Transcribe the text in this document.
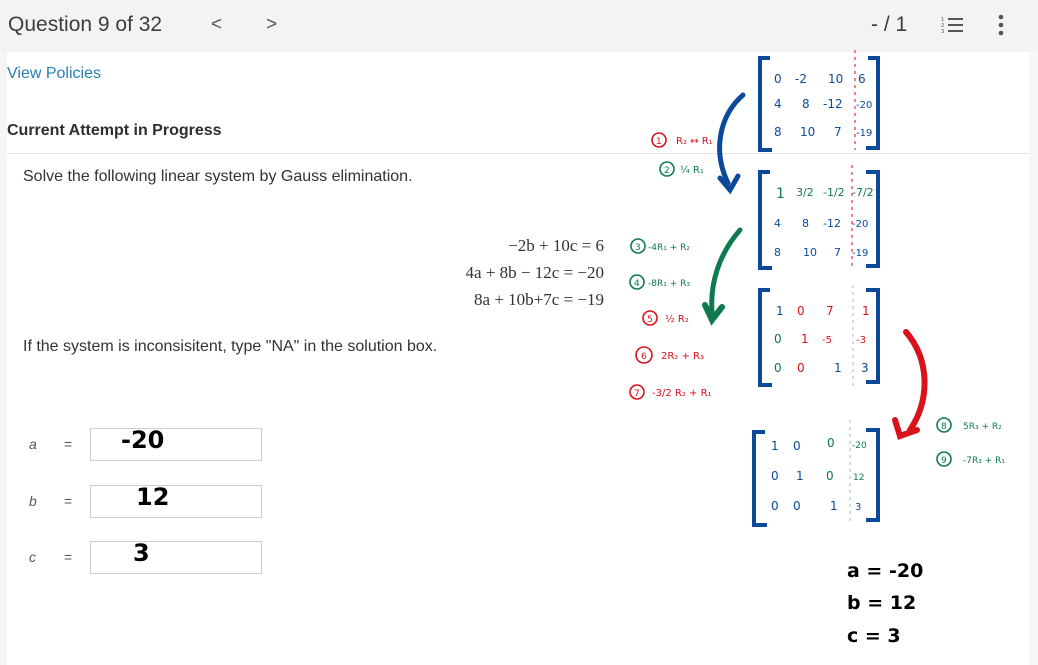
Question 9 of 32	< >	- / 1	1
2
3
View Policies
Current Attempt in Progress
Solve the following linear system by Gauss elimination.
−2b + 10c = 6
4a + 8b − 12c = −20
8a + 10b+7c = −19
If the system is inconsisitent, type "NA" in the solution box.
a = -20
b =	12
c =	3
0 -2 10 6
4 8 -12 -20
8 10 7 -19
1 3/2 -1/2 -7/2
4 8 -12 -20
8 10 7 -19
1 0 7 1
0 1 -5 -3
0 0 1 3
1 0 0 -20
0 1 0 12
0 0 1 3
1 R₂ ↔ R₁
2 ¼ R₁
3 -4R₁ + R₂
4 -8R₁ + R₃
5 ½ R₂
6 2R₂ + R₃
7 -3/2 R₂ + R₁
8 5R₃ + R₂
9 -7R₃ + R₁
a = -20
b = 12
c = 3
